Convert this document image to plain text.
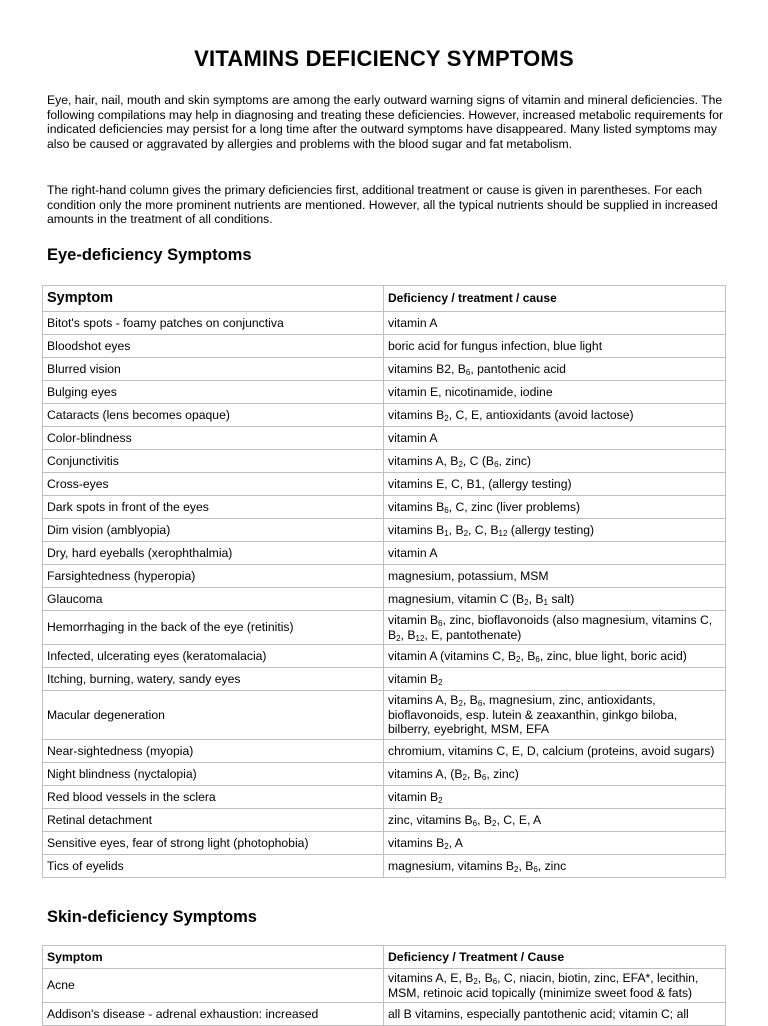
VITAMINS DEFICIENCY SYMPTOMS

Eye, hair, nail, mouth and skin symptoms are among the early outward warning signs of vitamin and mineral deficiencies. The following compilations may help in diagnosing and treating these deficiencies. However, increased metabolic requirements for indicated deficiencies may persist for a long time after the outward symptoms have disappeared. Many listed symptoms may also be caused or aggravated by allergies and problems with the blood sugar and fat metabolism.

The right-hand column gives the primary deficiencies first, additional treatment or cause is given in parentheses. For each condition only the more prominent nutrients are mentioned. However, all the typical nutrients should be supplied in increased amounts in the treatment of all conditions.

Eye-deficiency Symptoms
Symptom	Deficiency / treatment / cause
Bitot's spots - foamy patches on conjunctiva	vitamin A
Bloodshot eyes	boric acid for fungus infection, blue light
Blurred vision	vitamins B2, $B_6$, pantothenic acid
Bulging eyes	vitamin E, nicotinamide, iodine
Cataracts (lens becomes opaque)	vitamins $B_2$, C, E, antioxidants (avoid lactose)
Color-blindness	vitamin A
Conjunctivitis	vitamins A, $B_2$, C ($B_6$, zinc)
Cross-eyes	vitamins E, C, B1, (allergy testing)
Dark spots in front of the eyes	vitamins $B_6$, C, zinc (liver problems)
Dim vision (amblyopia)	vitamins $B_1$, $B_2$, C, $B_{12}$ (allergy testing)
Dry, hard eyeballs (xerophthalmia)	vitamin A
Farsightedness (hyperopia)	magnesium, potassium, MSM
Glaucoma	magnesium, vitamin C ($B_2$, $B_1$ salt)
Hemorrhaging in the back of the eye (retinitis)	vitamin $B_6$, zinc, bioflavonoids (also magnesium, vitamins C, $B_2$, $B_{12}$, E, pantothenate)
Infected, ulcerating eyes (keratomalacia)	vitamin A (vitamins C, $B_2$, $B_6$, zinc, blue light, boric acid)
Itching, burning, watery, sandy eyes	vitamin $B_2$
Macular degeneration	vitamins A, $B_2$, $B_6$, magnesium, zinc, antioxidants, bioflavonoids, esp. lutein & zeaxanthin, ginkgo biloba, bilberry, eyebright, MSM, EFA
Near-sightedness (myopia)	chromium, vitamins C, E, D, calcium (proteins, avoid sugars)
Night blindness (nyctalopia)	vitamins A, ($B_2$, $B_6$, zinc)
Red blood vessels in the sclera	vitamin $B_2$
Retinal detachment	zinc, vitamins $B_6$, $B_2$, C, E, A
Sensitive eyes, fear of strong light (photophobia)	vitamins $B_2$, A
Tics of eyelids	magnesium, vitamins $B_2$, $B_6$, zinc
Skin-deficiency Symptoms
Symptom	Deficiency / Treatment / Cause
Acne	vitamins A, E, $B_2$, $B_6$, C, niacin, biotin, zinc, EFA*, lecithin, MSM, retinoic acid topically (minimize sweet food & fats)
Addison's disease - adrenal exhaustion: increased	all B vitamins, especially pantothenic acid; vitamin C; all
